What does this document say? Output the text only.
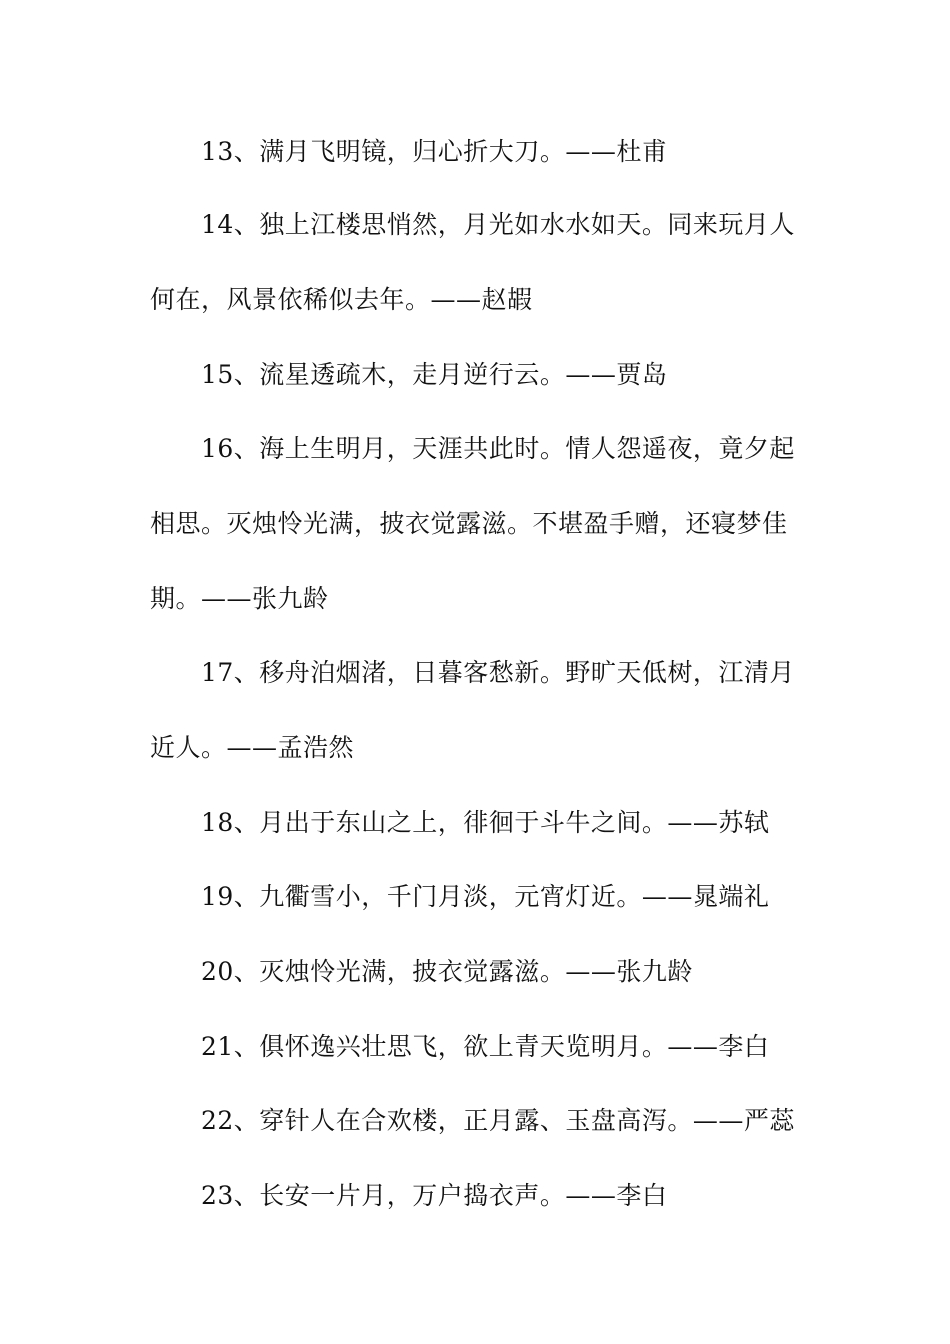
13、满月飞明镜，归心折大刀。——杜甫
14、独上江楼思悄然，月光如水水如天。同来玩月人
何在，风景依稀似去年。——赵嘏
15、流星透疏木，走月逆行云。——贾岛
16、海上生明月，天涯共此时。情人怨遥夜，竟夕起
相思。灭烛怜光满，披衣觉露滋。不堪盈手赠，还寝梦佳
期。——张九龄
17、移舟泊烟渚，日暮客愁新。野旷天低树，江清月
近人。——孟浩然
18、月出于东山之上，徘徊于斗牛之间。——苏轼
19、九衢雪小，千门月淡，元宵灯近。——晁端礼
20、灭烛怜光满，披衣觉露滋。——张九龄
21、俱怀逸兴壮思飞，欲上青天览明月。——李白
22、穿针人在合欢楼，正月露、玉盘高泻。——严蕊
23、长安一片月，万户捣衣声。——李白
